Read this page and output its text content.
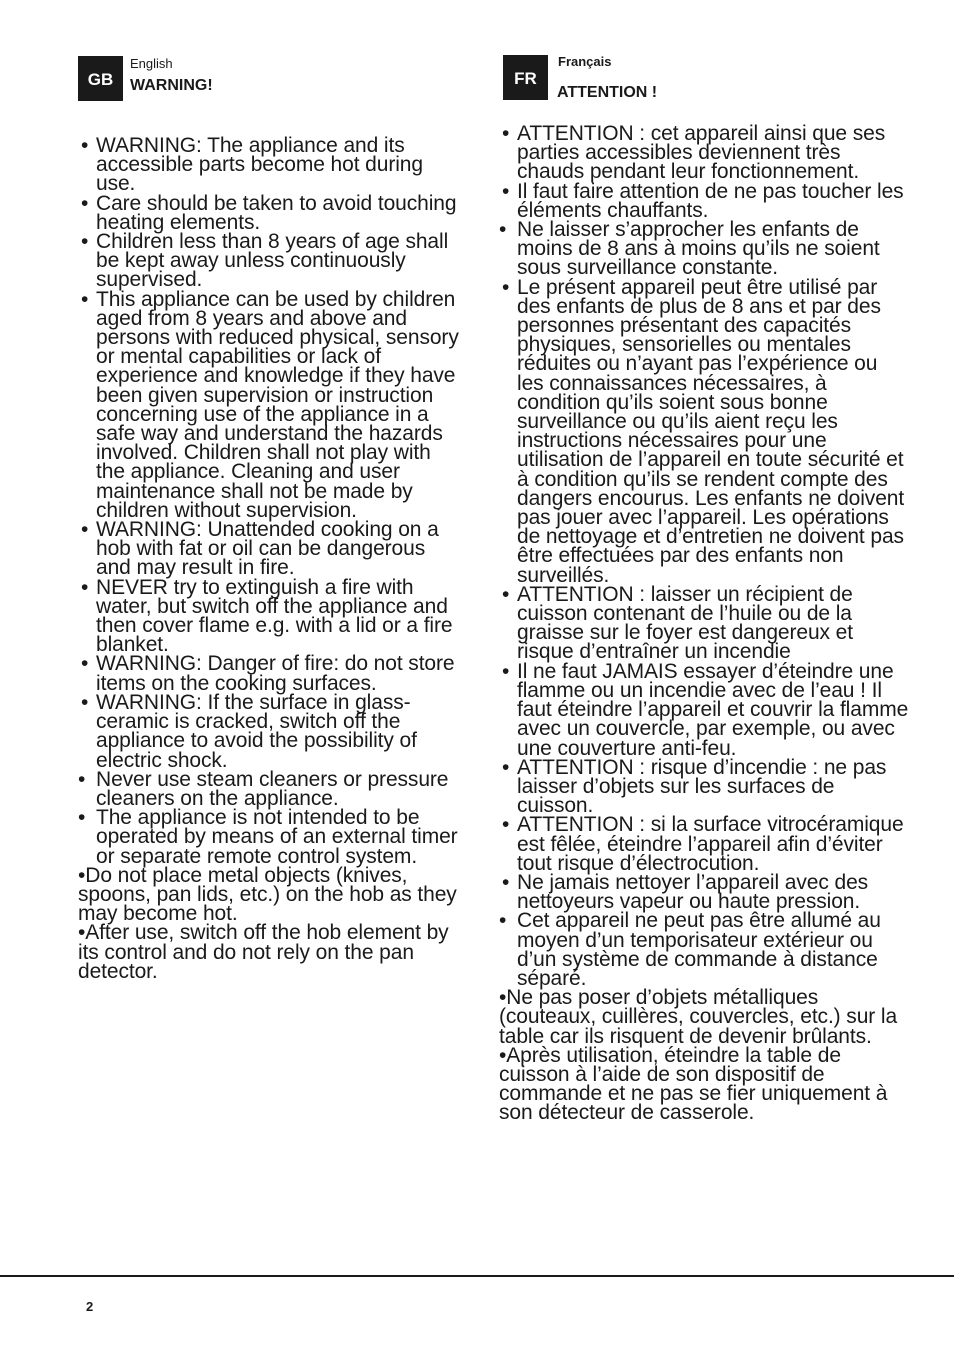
GB
English
WARNING!
• WARNING: The appliance and its accessible parts become hot during use.
• Care should be taken to avoid touching heating elements.
• Children less than 8 years of age shall be kept away unless continuously supervised.
• This appliance can be used by children aged from 8 years and above and persons with reduced physical, sensory or mental capabilities or lack of experience and knowledge if they have been given supervision or instruction concerning use of the appliance in a safe way and understand the hazards involved. Children shall not play with the appliance. Cleaning and user maintenance shall not be made by children without supervision.
• WARNING: Unattended cooking on a hob with fat or oil can be dangerous and may result in fire.
• NEVER try to extinguish a fire with water, but switch off the appliance and then cover flame e.g. with a lid or a fire blanket.
• WARNING: Danger of fire: do not store items on the cooking surfaces.
• WARNING: If the surface in glass-ceramic is cracked, switch off the appliance to avoid the possibility of electric shock.
• Never use steam cleaners or pressure cleaners on the appliance.
• The appliance is not intended to be operated by means of an external timer or separate remote control system.
• Do not place metal objects (knives, spoons, pan lids, etc.) on the hob as they may become hot.
• After use, switch off the hob element by its control and do not rely on the pan detector.
FR
Français
ATTENTION !
• ATTENTION : cet appareil ainsi que ses parties accessibles deviennent très chauds pendant leur fonctionnement.
• Il faut faire attention de ne pas toucher les éléments chauffants.
• Ne laisser s’approcher les enfants de moins de 8 ans à moins qu’ils ne soient sous surveillance constante.
• Le présent appareil peut être utilisé par des enfants de plus de 8 ans et par des personnes présentant des capacités physiques, sensorielles ou mentales réduites ou n’ayant pas l’expérience ou les connaissances nécessaires, à condition qu’ils soient sous bonne surveillance ou qu’ils aient reçu les instructions nécessaires pour une utilisation de l’appareil en toute sécurité et à condition qu’ils se rendent compte des dangers encourus. Les enfants ne doivent pas jouer avec l’appareil. Les opérations de nettoyage et d’entretien ne doivent pas être effectuées par des enfants non surveillés.
• ATTENTION : laisser un récipient de cuisson contenant de l’huile ou de la graisse sur le foyer est dangereux et risque d’entraîner un incendie
• Il ne faut JAMAIS essayer d’éteindre une flamme ou un incendie avec de l’eau ! Il faut éteindre l’appareil et couvrir la flamme avec un couvercle, par exemple, ou avec une couverture anti-feu.
• ATTENTION : risque d’incendie : ne pas laisser d’objets sur les surfaces de cuisson.
• ATTENTION : si la surface vitrocéramique est fêlée, éteindre l’appareil afin d’éviter tout risque d’électrocution.
• Ne jamais nettoyer l’appareil avec des nettoyeurs vapeur ou haute pression.
• Cet appareil ne peut pas être allumé au moyen d’un temporisateur extérieur ou d’un système de commande à distance séparé.
• Ne pas poser d’objets métalliques (couteaux, cuillères, couvercles, etc.) sur la table car ils risquent de devenir brûlants.
• Après utilisation, éteindre la table de cuisson à l’aide de son dispositif de commande et ne pas se fier uniquement à son détecteur de casserole.
2
